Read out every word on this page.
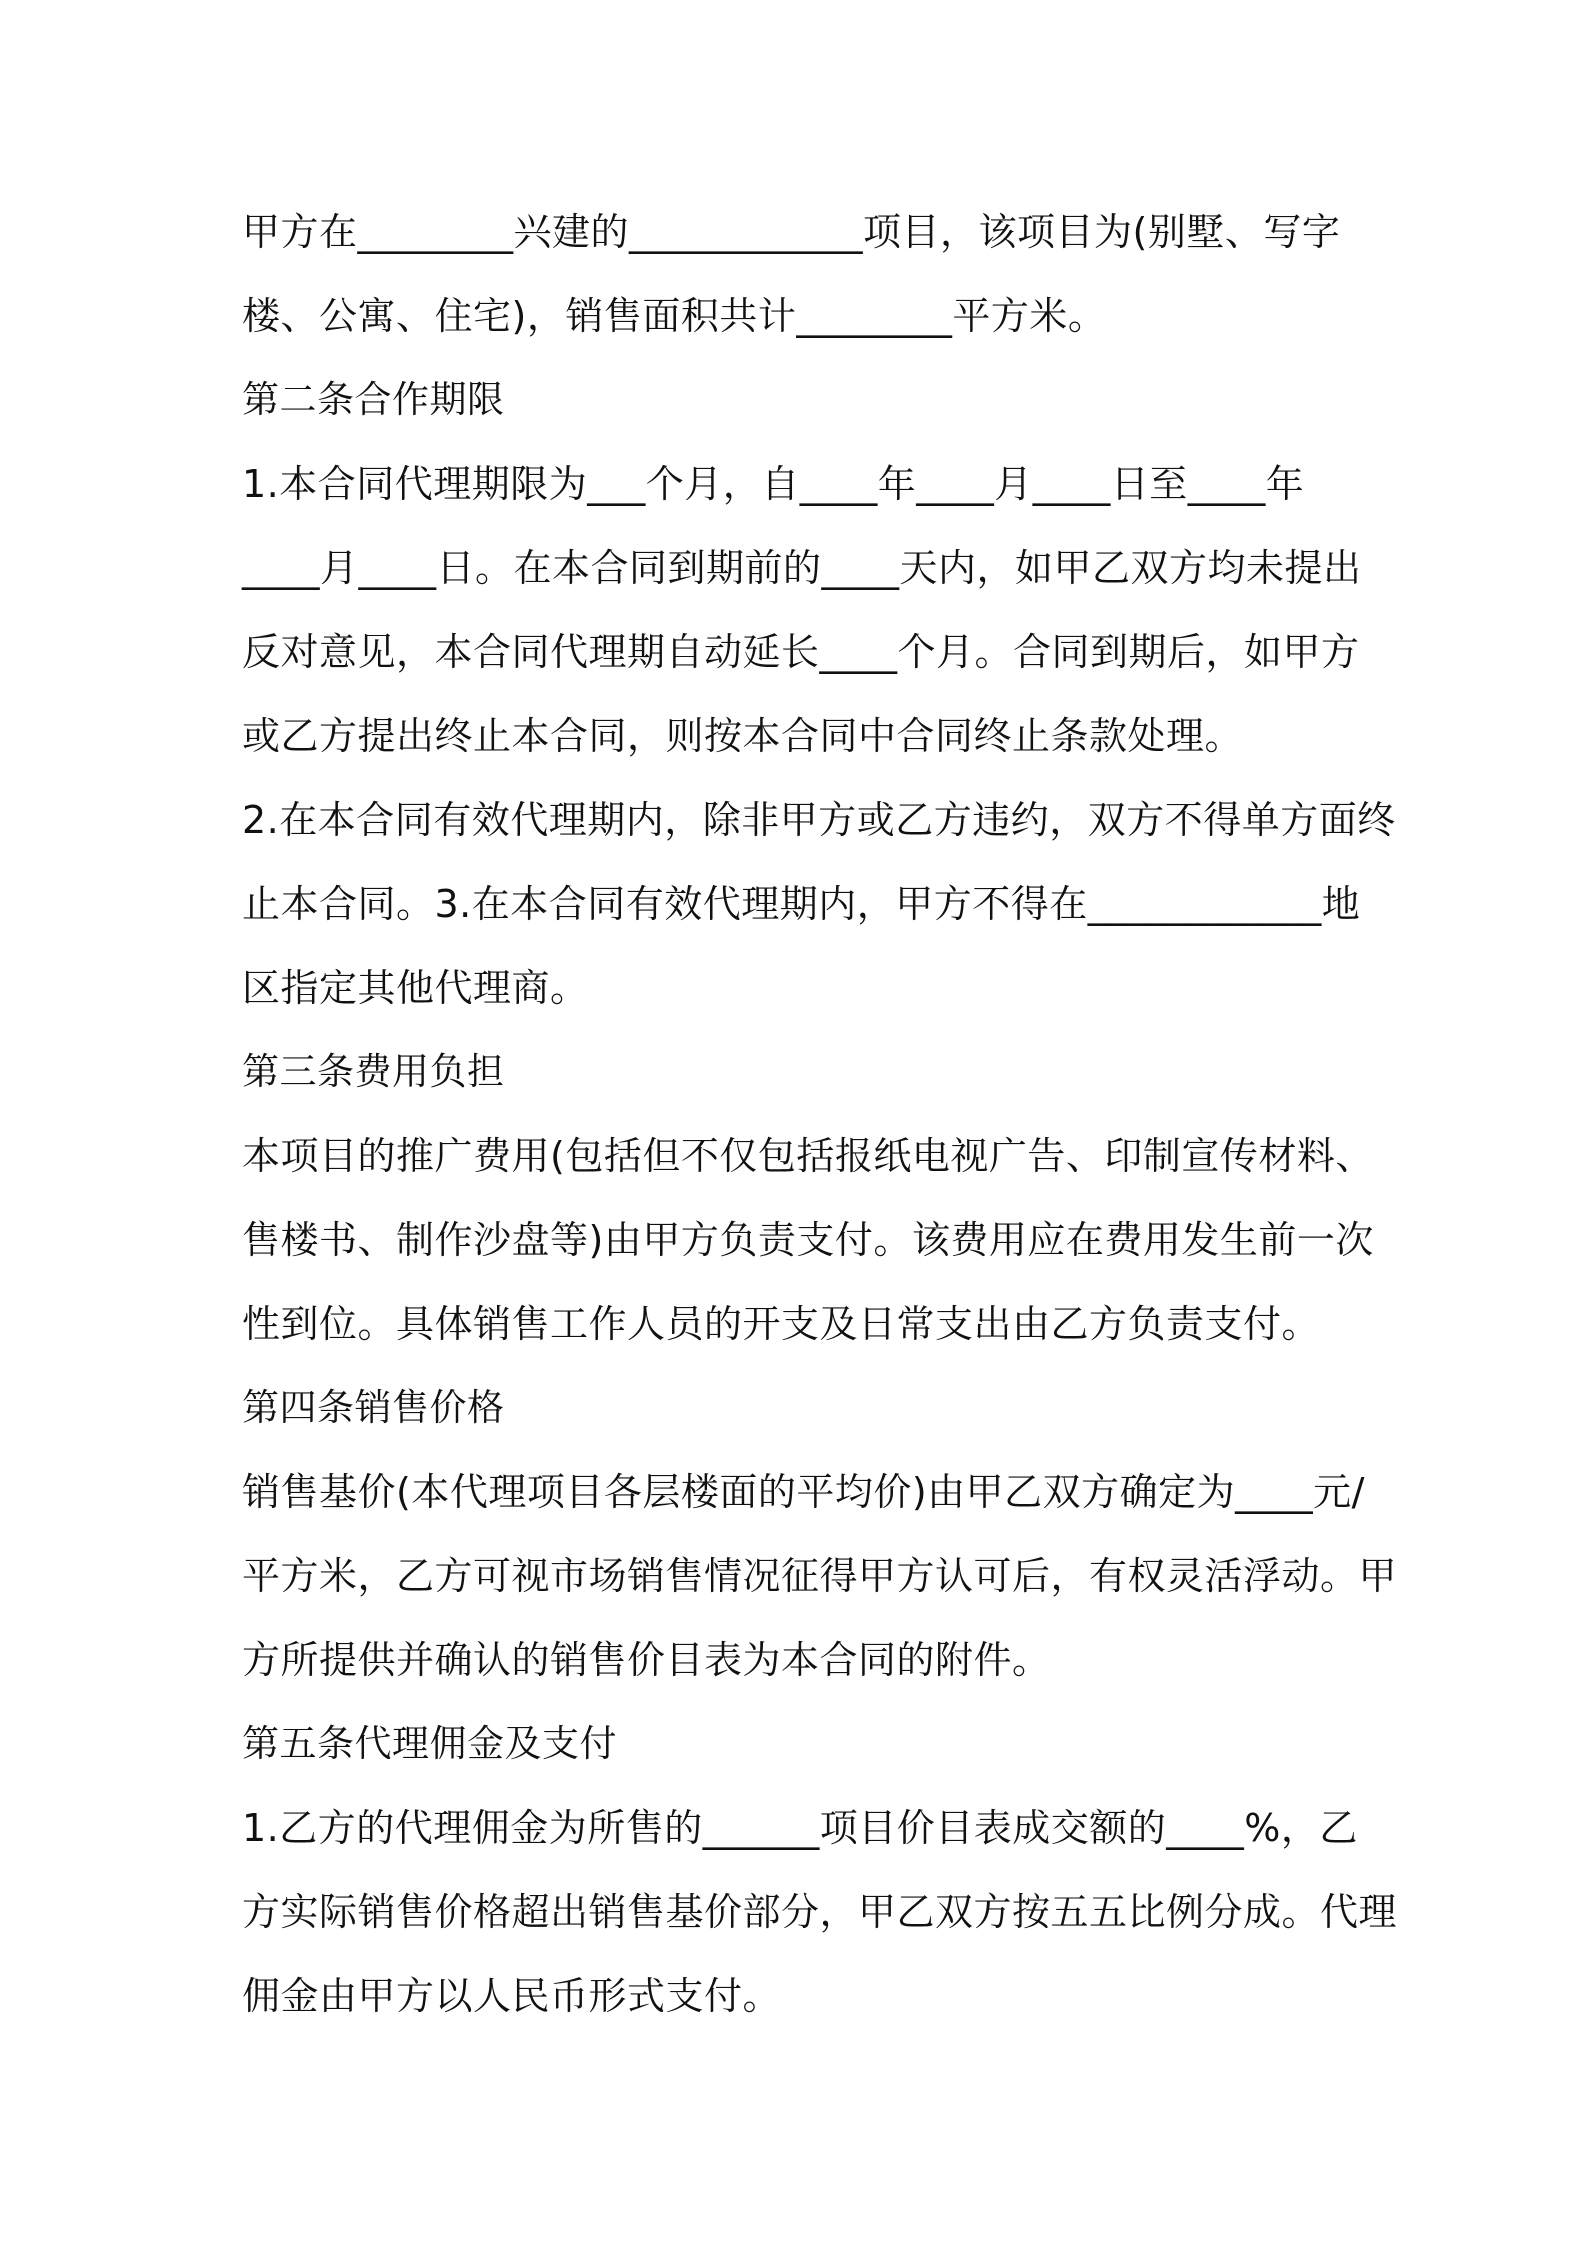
甲方在________兴建的____________项目，该项目为(别墅、写字
楼、公寓、住宅)，销售面积共计________平方米。
第二条合作期限
1.本合同代理期限为___个月，自____年____月____日至____年
____月____日。在本合同到期前的____天内，如甲乙双方均未提出
反对意见，本合同代理期自动延长____个月。合同到期后，如甲方
或乙方提出终止本合同，则按本合同中合同终止条款处理。
2.在本合同有效代理期内，除非甲方或乙方违约，双方不得单方面终
止本合同。3.在本合同有效代理期内，甲方不得在____________地
区指定其他代理商。
第三条费用负担
本项目的推广费用(包括但不仅包括报纸电视广告、印制宣传材料、
售楼书、制作沙盘等)由甲方负责支付。该费用应在费用发生前一次
性到位。具体销售工作人员的开支及日常支出由乙方负责支付。
第四条销售价格
销售基价(本代理项目各层楼面的平均价)由甲乙双方确定为____元/
平方米，乙方可视市场销售情况征得甲方认可后，有权灵活浮动。甲
方所提供并确认的销售价目表为本合同的附件。
第五条代理佣金及支付
1.乙方的代理佣金为所售的______项目价目表成交额的____%，乙
方实际销售价格超出销售基价部分，甲乙双方按五五比例分成。代理
佣金由甲方以人民币形式支付。
